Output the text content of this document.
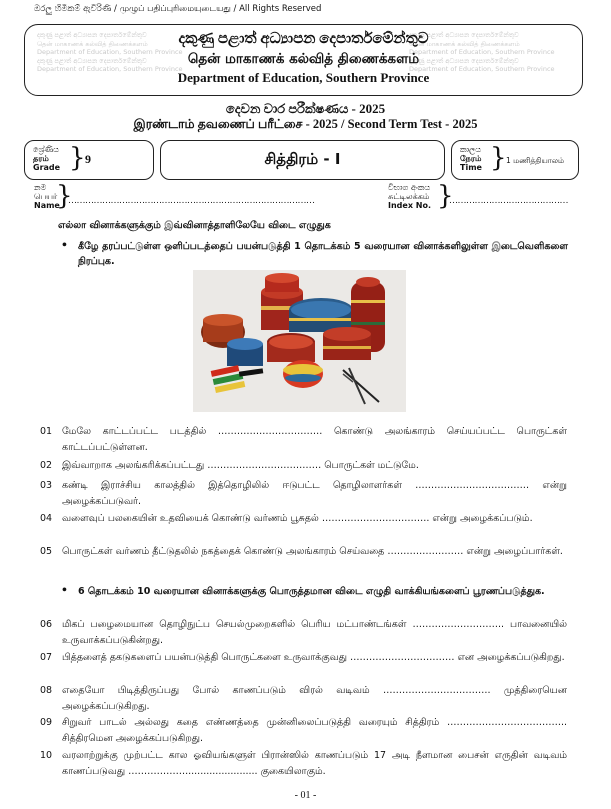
ඔරලු හිමිකම් ඇවිරිණි / முழுப் பதிப்புரிமையுடையது / All Rights Reserved
දකුණු පළාත් අධ්‍යාපන දෙපාර්තමේන්තුව
தென் மாகாணக் கல்வித் திணைக்களம்
Department of Education, Southern Province
දකුණු පළාත් අධ්‍යාපන දෙපාර්තමේන්තුව
Department of Education, Southern Province
දකුණු පළාත් අධ්‍යාපන දෙපාර්තමේන්තුව
தென் மாகாணக் கல்வித் திணைக்களம்
Department of Education, Southern Province
දකුණු පළාත් අධ්‍යාපන දෙපාර්තමේන්තුව
Department of Education, Southern Province
දකුණු පළාත් අධ්‍යාපන දෙපාර්තමේන්තුව
தென் மாகாணக் கல்வித் திணைக்களம்
Department of Education, Southern Province
දෙවන වාර පරීක්ෂණය - 2025
இரண்டாம் தவணைப் பரீட்சை - 2025 / Second Term Test - 2025
ශ්‍රේණිය
தரம்
Grade } 9	சித்திரம் - I
කාලය
நேரம்
Time } 1 மணித்தியாலம்
නම
பெயர்
Name
}
……………………………………………………………………………
විභාග අංකය
சுட்டிலக்கம்
Index No. }
……………………………………
எல்லா வினாக்களுக்கும் இவ்வினாத்தாளிலேயே விடை எழுதுக
• கீழே தரப்பட்டுள்ள ஒளிப்படத்தைப் பயன்படுத்தி 1 தொடக்கம் 5 வரையான வினாக்களிலுள்ள இடைவெளிகளை நிரப்புக.
01	மேலே காட்டப்பட்ட படத்தில் …………………………… கொண்டு அலங்காரம் செய்யப்பட்ட பொருட்கள் காட்டப்பட்டுள்ளன.
02	இவ்வாறாக அலங்கரிக்கப்பட்டது ……………………………… பொருட்கள் மட்டுமே.
03	கண்டி இராச்சிய காலத்தில் இத்தொழிலில் ஈடுபட்ட தொழிலாளர்கள் ……………………………… என்று அழைக்கப்படுவர்.
04	வளைவுப் பலகையின் உதவியைக் கொண்டு வர்ணம் பூசுதல் ……………………………. என்று அழைக்கப்படும்.
05	பொருட்கள் வர்ணம் தீட்டுதலில் நகத்தைக் கொண்டு அலங்காரம் செய்வதை …………………… என்று அழைப்பார்கள்.
• 6 தொடக்கம் 10 வரையான வினாக்களுக்கு பொருத்தமான விடை எழுதி வாக்கியங்களைப் பூரணப்படுத்துக.
06	மிகப் பழைமையான தொழிநுட்ப செயல்முறைகளில் பெரிய மட்பாண்டங்கள் ……………………….. பாவனையில் உருவாக்கப்படுகின்றது.
07	பித்தளைத் தகடுகளைப் பயன்படுத்தி பொருட்களை உருவாக்குவது …………………………… என அழைக்கப்படுகிறது.
08	எதையோ பிடித்திருப்பது போல் காணப்படும் விரல் வடிவம் ……………………………. முத்திரையென அழைக்கப்படுகிறது.
09	சிறுவர் பாடல் அல்லது கதை எண்ணத்தை முன்னிலைப்படுத்தி வரையும் சித்திரம் ……………………………….. சித்திரமென அழைக்கப்படுகிறது.
10	வரலாற்றுக்கு முற்பட்ட கால ஓவியங்களுள் பிரான்ஸில் காணப்படும் 17 அடி நீளமான பைசன் எருதின் வடிவம் காணப்படுவது ………………........................ குகையிலாகும்.
- 01 -
